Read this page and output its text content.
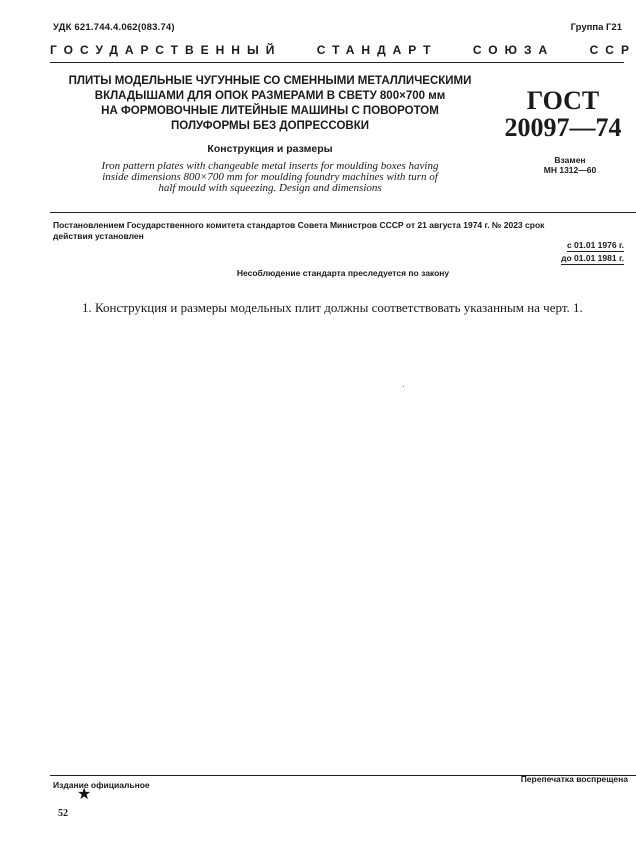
УДК 621.744.4.062(083.74)	Группа Г21
ГОСУДАРСТВЕННЫЙ	СТАНДАРТ	СОЮЗА	ССР
ПЛИТЫ МОДЕЛЬНЫЕ ЧУГУННЫЕ СО СМЕННЫМИ МЕТАЛЛИЧЕСКИМИ
ВКЛАДЫШАМИ ДЛЯ ОПОК РАЗМЕРАМИ В СВЕТУ 800×700 мм
НА ФОРМОВОЧНЫЕ ЛИТЕЙНЫЕ МАШИНЫ С ПОВОРОТОМ
ПОЛУФОРМЫ БЕЗ ДОПРЕССОВКИ
ГОСТ
20097—74
Конструкция и размеры
Iron pattern plates with changeable metal inserts for moulding boxes having
inside dimensions 800×700 mm for moulding foundry machines with turn of
half mould with squeezing. Design and dimensions
Взамен
МН 1312—60
Постановлением Государственного комитета стандартов Совета Министров СССР от 21 августа 1974 г. № 2023 срок
действия установлен
с 01.01 1976 г.
до 01.01 1981 г.
Несоблюдение стандарта преследуется по закону
1. Конструкция и размеры модельных плит должны соответствовать указанным на черт. 1.
Издание официальное
Перепечатка воспрещена
★
52
